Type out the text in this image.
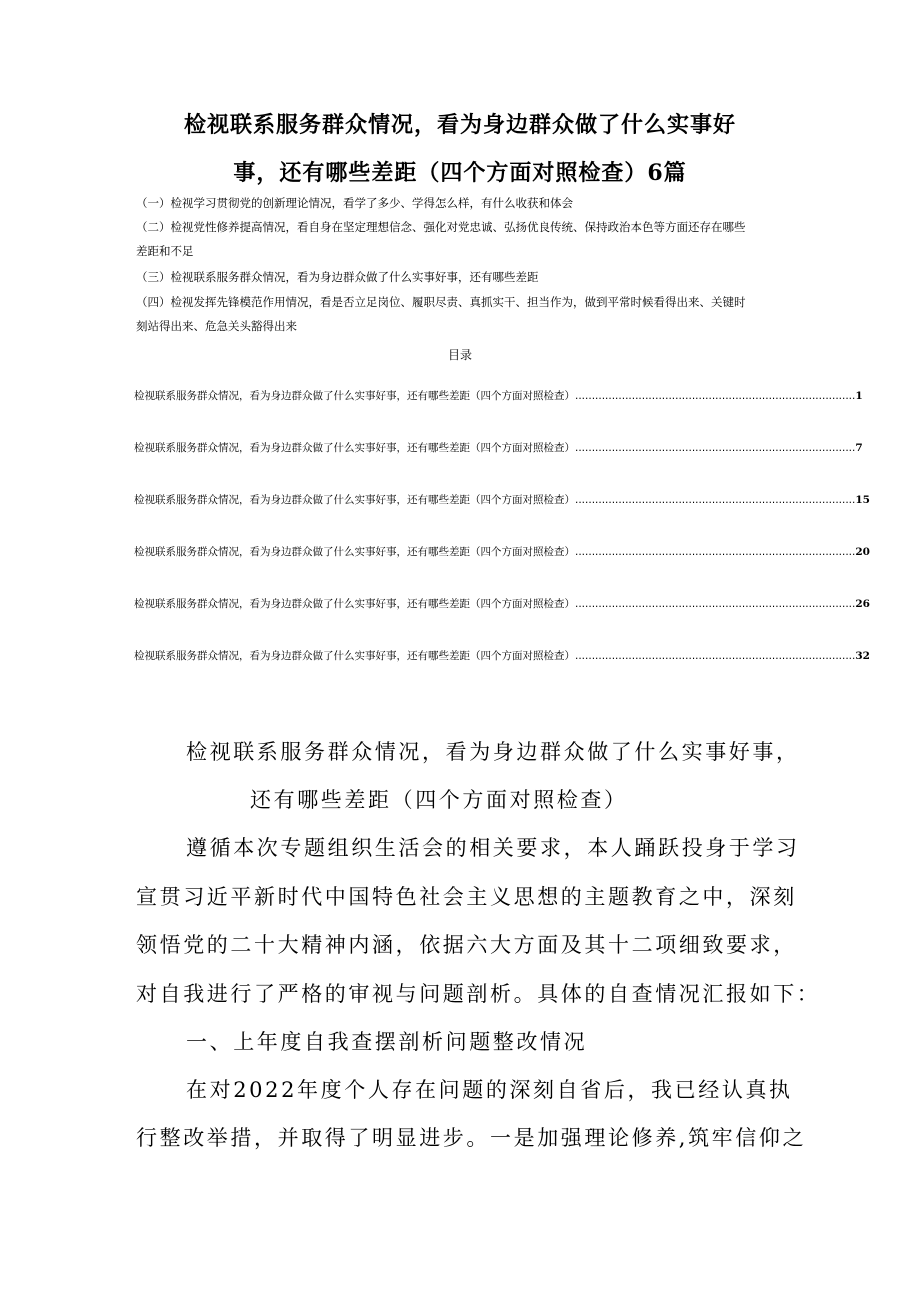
检视联系服务群众情况，看为身边群众做了什么实事好
事，还有哪些差距（四个方面对照检查）6篇
（一）检视学习贯彻党的创新理论情况，看学了多少、学得怎么样，有什么收获和体会
（二）检视党性修养提高情况，看自身在坚定理想信念、强化对党忠诚、弘扬优良传统、保持政治本色等方面还存在哪些
差距和不足
（三）检视联系服务群众情况，看为身边群众做了什么实事好事，还有哪些差距
（四）检视发挥先锋模范作用情况，看是否立足岗位、履职尽责、真抓实干、担当作为，做到平常时候看得出来、关键时
刻站得出来、危急关头豁得出来
目录
检视联系服务群众情况，看为身边群众做了什么实事好事，还有哪些差距（四个方面对照检查） .................................................................................... 1
检视联系服务群众情况，看为身边群众做了什么实事好事，还有哪些差距（四个方面对照检查） .................................................................................... 7
检视联系服务群众情况，看为身边群众做了什么实事好事，还有哪些差距（四个方面对照检查） .................................................................................... 15
检视联系服务群众情况，看为身边群众做了什么实事好事，还有哪些差距（四个方面对照检查） .................................................................................... 20
检视联系服务群众情况，看为身边群众做了什么实事好事，还有哪些差距（四个方面对照检查） .................................................................................... 26
检视联系服务群众情况，看为身边群众做了什么实事好事，还有哪些差距（四个方面对照检查） .................................................................................... 32
检视联系服务群众情况，看为身边群众做了什么实事好事，
还有哪些差距（四个方面对照检查）
遵循本次专题组织生活会的相关要求，本人踊跃投身于学习
宣贯习近平新时代中国特色社会主义思想的主题教育之中，深刻
领悟党的二十大精神内涵，依据六大方面及其十二项细致要求，
对自我进行了严格的审视与问题剖析。具体的自查情况汇报如下：
一、上年度自我查摆剖析问题整改情况
在对2022年度个人存在问题的深刻自省后，我已经认真执
行整改举措，并取得了明显进步。一是加强理论修养,筑牢信仰之
